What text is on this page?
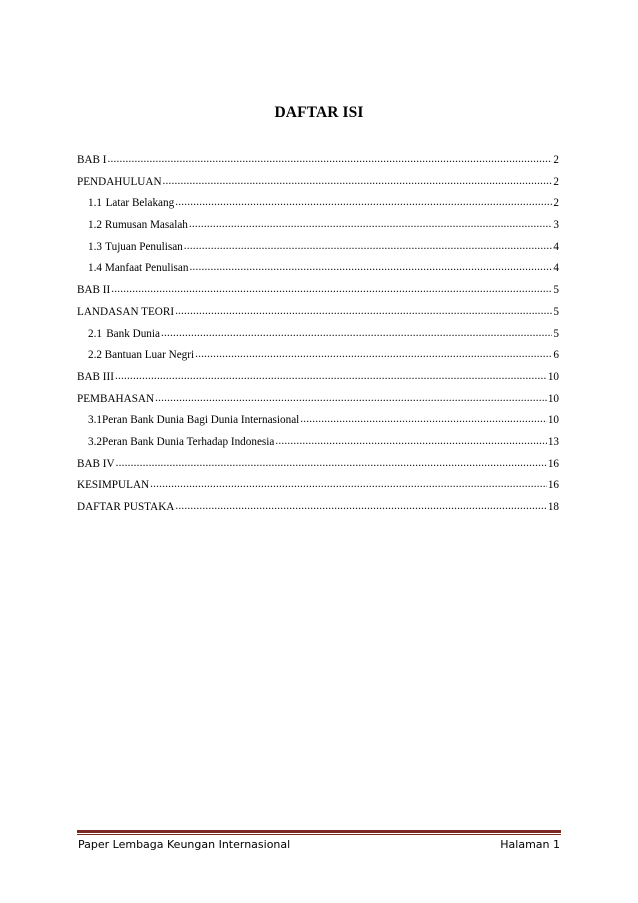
DAFTAR ISI
BAB I .....	2
PENDAHULUAN .....	2
1.1 Latar Belakang .....	2
1.2 Rumusan Masalah .....	3
1.3 Tujuan Penulisan .....	4
1.4 Manfaat Penulisan .....	4
BAB II .....	5
LANDASAN TEORI .....	5
2.1 Bank Dunia .....	5
2.2 Bantuan Luar Negri .....	6
BAB III .....	10
PEMBAHASAN .....	10
3.1 Peran Bank Dunia Bagi Dunia Internasional .....	10
3.2 Peran Bank Dunia Terhadap Indonesia .....	13
BAB IV .....	16
KESIMPULAN .....	16
DAFTAR PUSTAKA .....	18
Paper Lembaga Keungan Internasional	Halaman 1
